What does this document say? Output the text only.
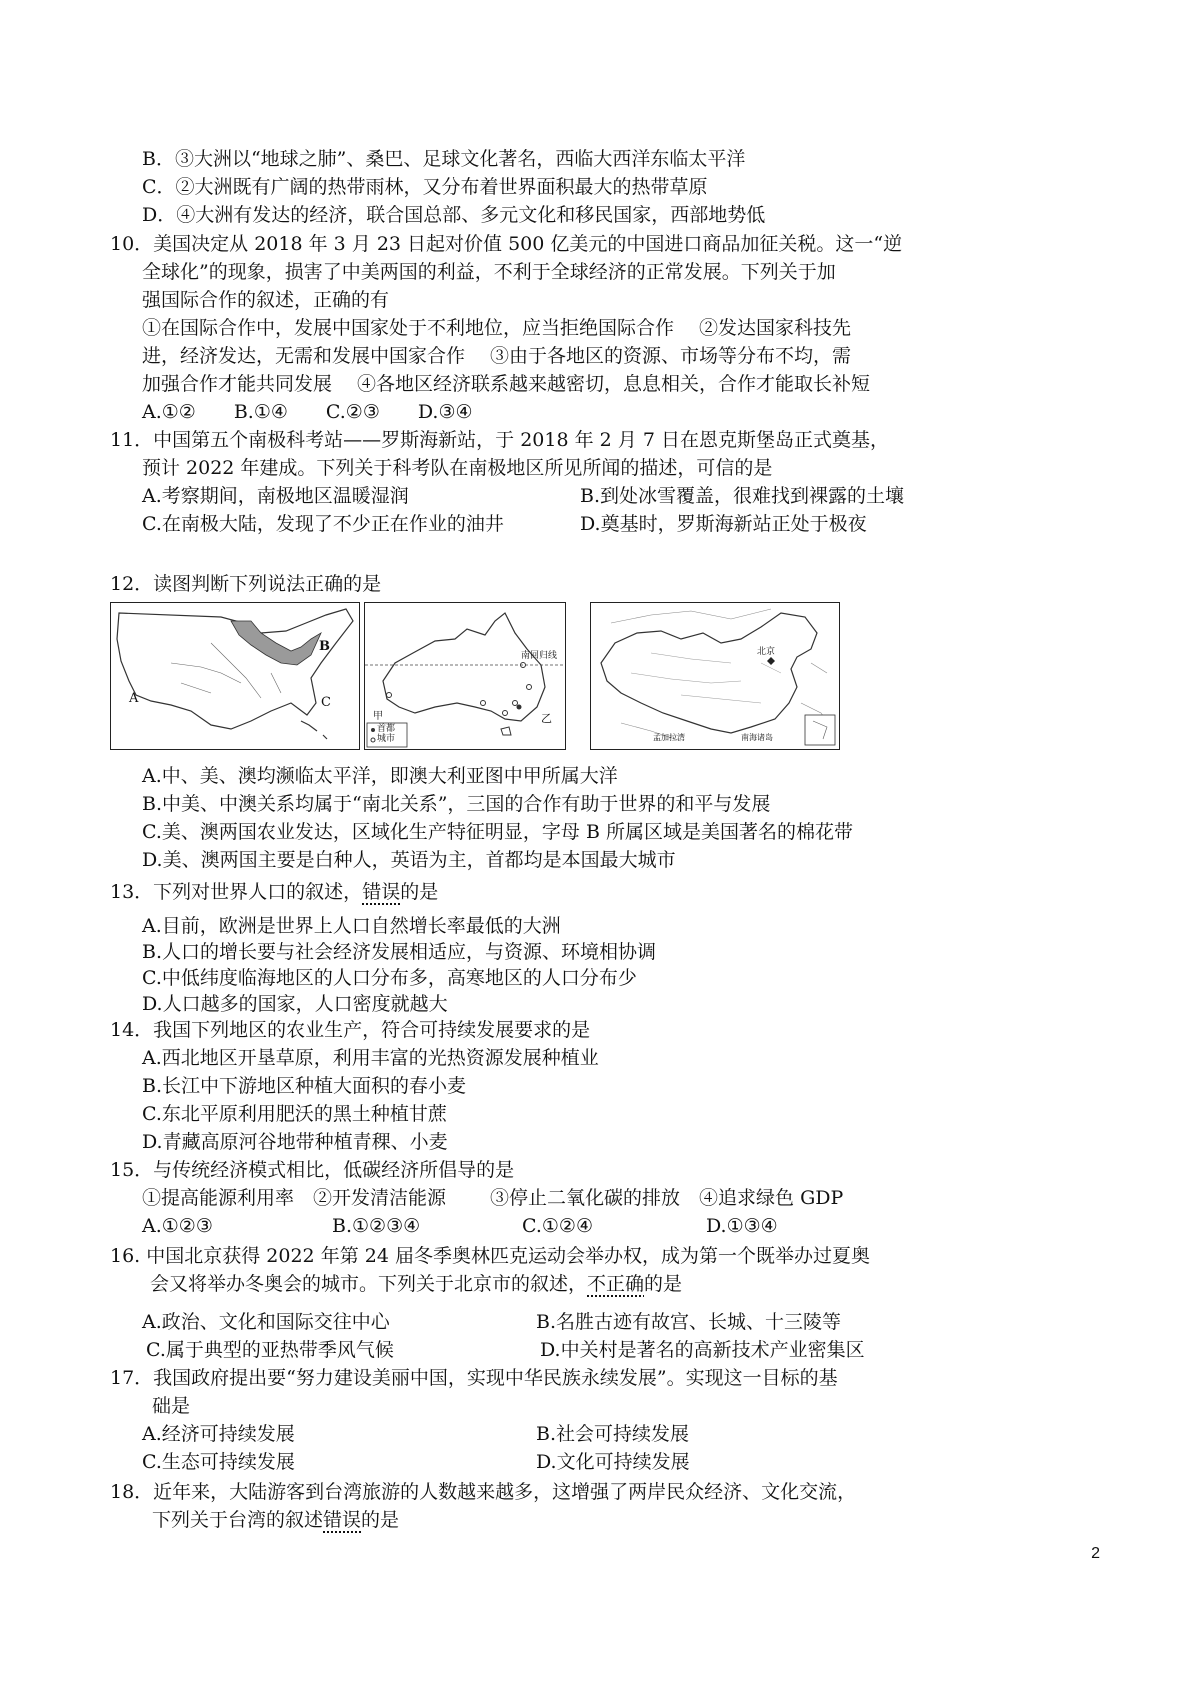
B．③大洲以“地球之肺”、桑巴、足球文化著名，西临大西洋东临太平洋
C．②大洲既有广阔的热带雨林，又分布着世界面积最大的热带草原
D．④大洲有发达的经济，联合国总部、多元文化和移民国家，西部地势低
10．美国决定从 2018 年 3 月 23 日起对价值 500 亿美元的中国进口商品加征关税。这一“逆
全球化”的现象，损害了中美两国的利益，不利于全球经济的正常发展。下列关于加
强国际合作的叙述，正确的有
①在国际合作中，发展中国家处于不利地位，应当拒绝国际合作　 ②发达国家科技先
进，经济发达，无需和发展中国家合作　 ③由于各地区的资源、市场等分布不均，需
加强合作才能共同发展　 ④各地区经济联系越来越密切，息息相关，合作才能取长补短
A.①②　　B.①④　　C.②③　　D.③④
11．中国第五个南极科考站——罗斯海新站，于 2018 年 2 月 7 日在恩克斯堡岛正式奠基，
预计 2022 年建成。下列关于科考队在南极地区所见所闻的描述，可信的是
A.考察期间，南极地区温暖湿润	B.到处冰雪覆盖，很难找到裸露的土壤
C.在南极大陆，发现了不少正在作业的油井	D.奠基时，罗斯海新站正处于极夜
12．读图判断下列说法正确的是
A
B
C
南回归线
甲	乙
首都
城市
北京
孟加拉湾	南海诸岛
A.中、美、澳均濒临太平洋，即澳大利亚图中甲所属大洋
B.中美、中澳关系均属于“南北关系”，三国的合作有助于世界的和平与发展
C.美、澳两国农业发达，区域化生产特征明显，字母 B 所属区域是美国著名的棉花带
D.美、澳两国主要是白种人，英语为主，首都均是本国最大城市
13．下列对世界人口的叙述，错误的是
A.目前，欧洲是世界上人口自然增长率最低的大洲
B.人口的增长要与社会经济发展相适应，与资源、环境相协调
C.中低纬度临海地区的人口分布多，高寒地区的人口分布少
D.人口越多的国家，人口密度就越大
14．我国下列地区的农业生产，符合可持续发展要求的是
A.西北地区开垦草原，利用丰富的光热资源发展种植业
B.长江中下游地区种植大面积的春小麦
C.东北平原利用肥沃的黑土种植甘蔗
D.青藏高原河谷地带种植青稞、小麦
15．与传统经济模式相比，低碳经济所倡导的是
①提高能源利用率　②开发清洁能源　　 ③停止二氧化碳的排放　④追求绿色 GDP
A.①②③	B.①②③④	C.①②④	D.①③④
16. 中国北京获得 2022 年第 24 届冬季奥林匹克运动会举办权，成为第一个既举办过夏奥
会又将举办冬奥会的城市。下列关于北京市的叙述，不正确的是
A.政治、文化和国际交往中心	B.名胜古迹有故宫、长城、十三陵等
C.属于典型的亚热带季风气候	D.中关村是著名的高新技术产业密集区
17．我国政府提出要“努力建设美丽中国，实现中华民族永续发展”。实现这一目标的基
础是
A.经济可持续发展	B.社会可持续发展
C.生态可持续发展	D.文化可持续发展
18．近年来，大陆游客到台湾旅游的人数越来越多，这增强了两岸民众经济、文化交流，
下列关于台湾的叙述错误的是
2
